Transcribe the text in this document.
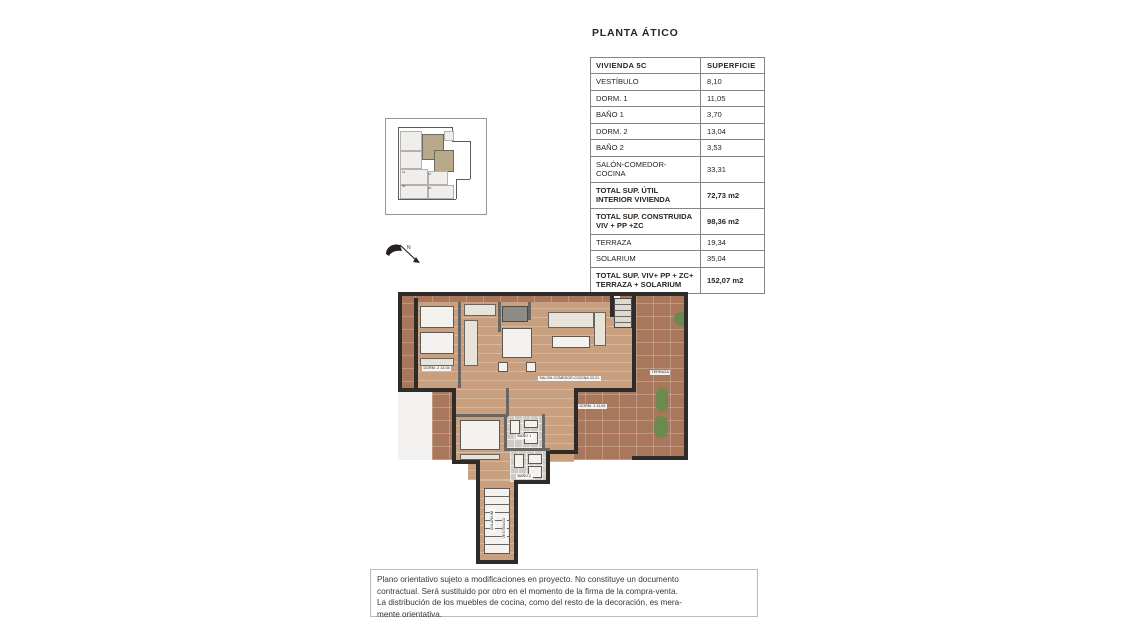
PLANTA ÁTICO
VIVIENDA 5C	SUPERFICIE
VESTÍBULO	8,10
DORM. 1	11,05
BAÑO 1	3,70
DORM. 2	13,04
BAÑO 2	3,53
SALÓN-COMEDOR-COCINA	33,31
TOTAL SUP. ÚTIL INTERIOR VIVIENDA	72,73 m2
TOTAL SUP. CONSTRUIDA VIV + PP +ZC	98,36 m2
TERRAZA	19,34
SOLARIUM	35,04
TOTAL SUP. VIV+ PP + ZC+ TERRAZA + SOLARIUM	152,07 m2
5A
5B
5C
5D
N
DORM. 2 13,04
SALÓN-COMEDOR-COCINA 33,31
TERRAZA
DORM. 1 11,05
BAÑO 1
BAÑO 2
VESTÍBULO
SOLARIUM
Plano orientativo sujeto a modificaciones en proyecto. No constituye un documento
contractual. Será sustituido por otro en el momento de la firma de la compra-venta.
La distribución de los muebles de cocina, como del resto de la decoración, es mera-
mente orientativa.
